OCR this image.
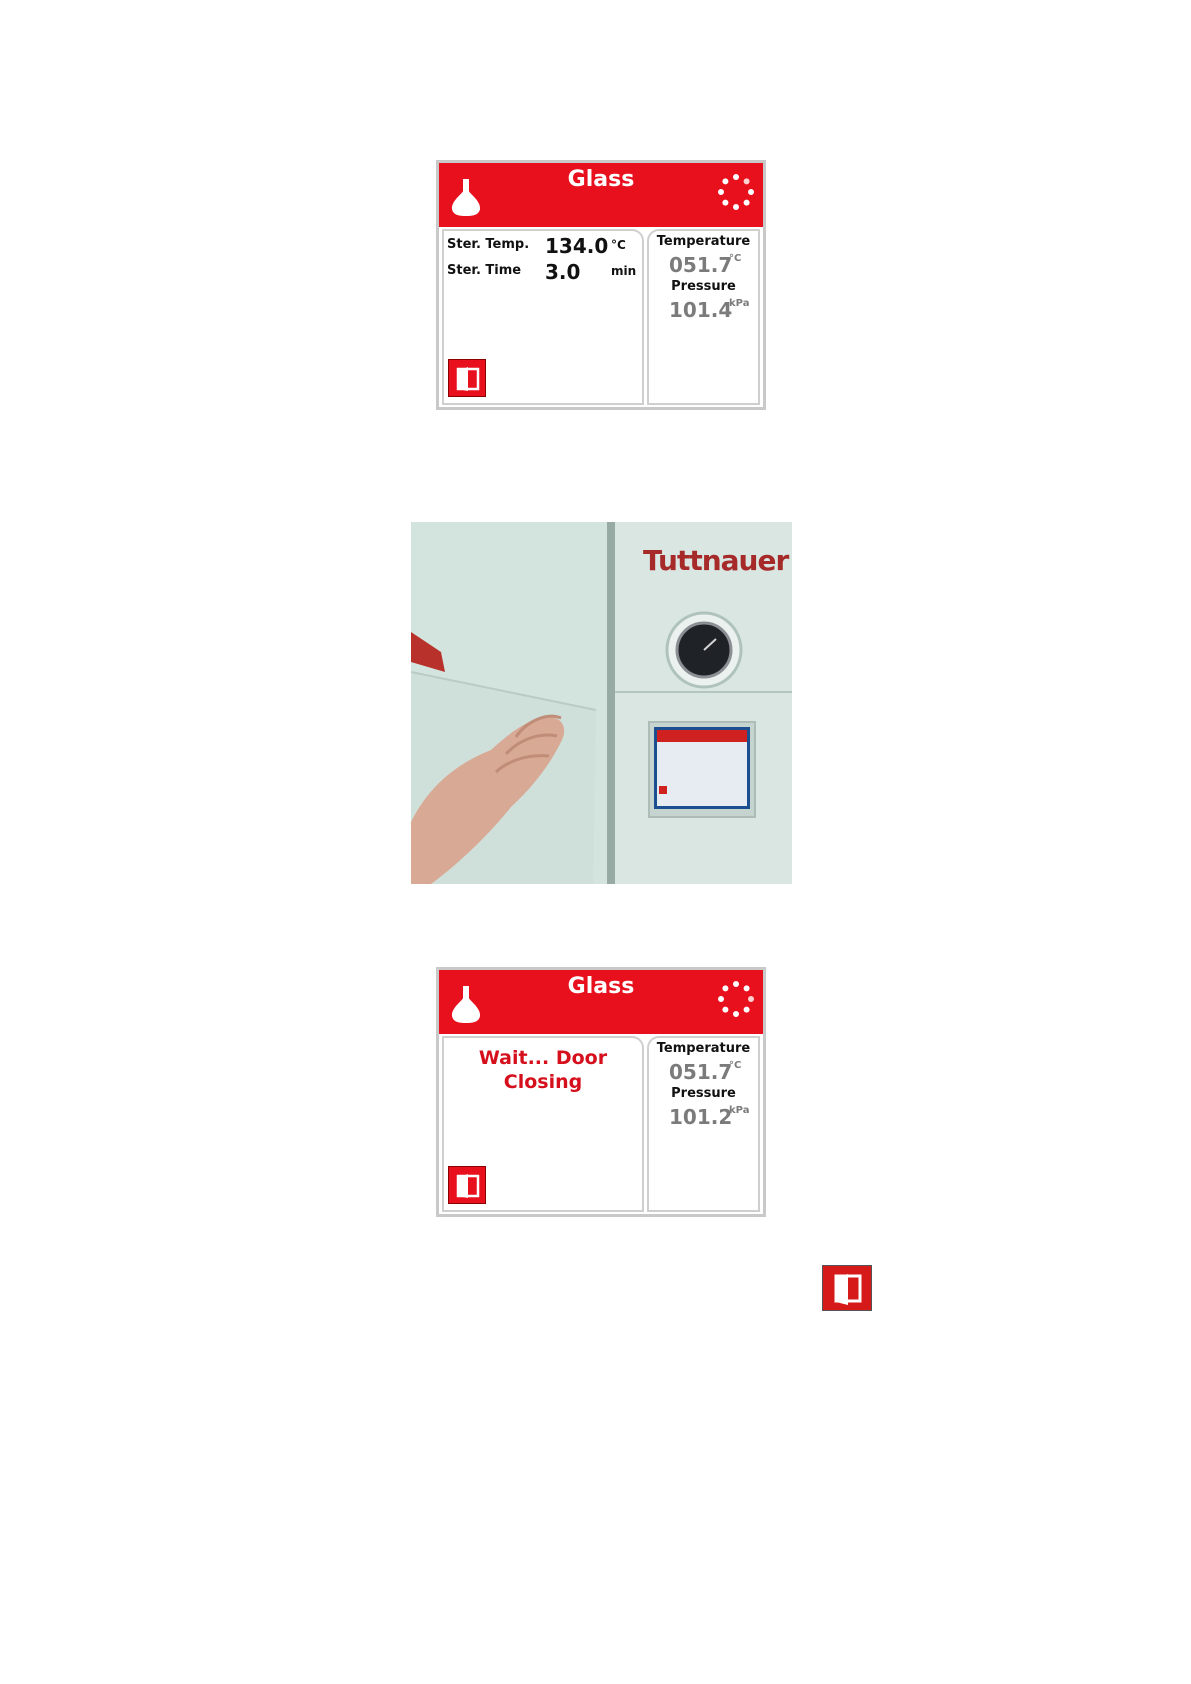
Glass
Ster. Temp. 134.0 °C
Ster. Time 3.0	min
Temperature
051.7
°C
Pressure
101.4
kPa
Tuttnauer
Glass
Wait... Door
Closing
Temperature
051.7
°C
Pressure
101.2
kPa
